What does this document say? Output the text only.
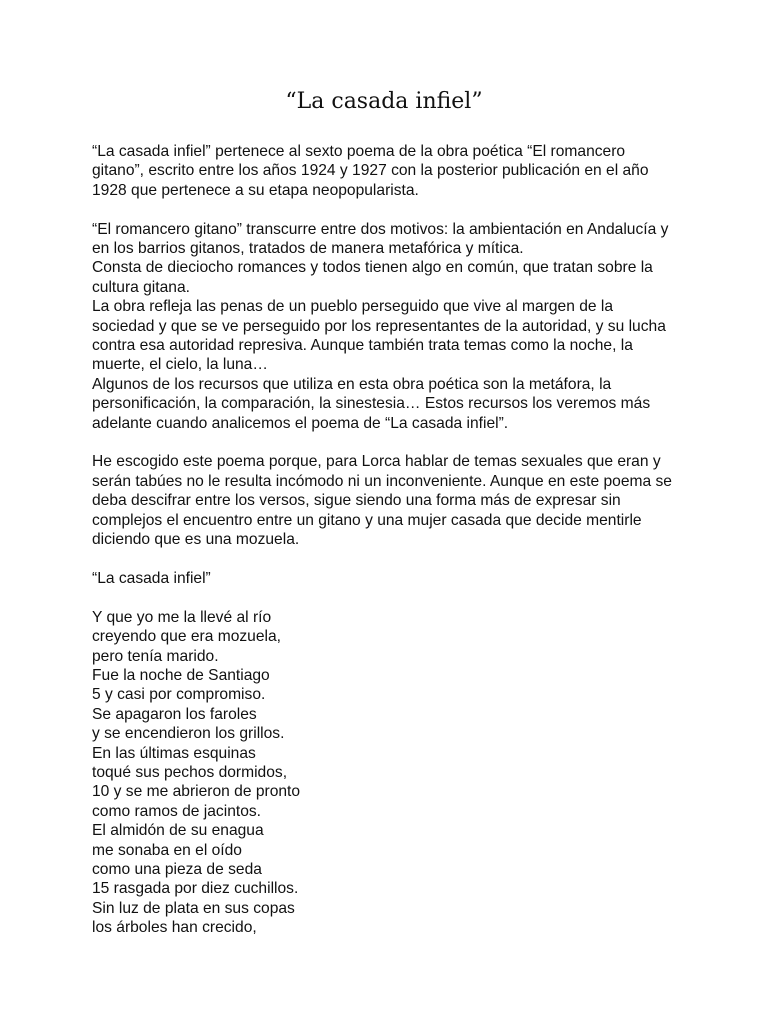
“La casada infiel”
“La casada infiel” pertenece al sexto poema de la obra poética “El romancero
gitano”, escrito entre los años 1924 y 1927 con la posterior publicación en el año
1928 que pertenece a su etapa neopopularista.
“El romancero gitano” transcurre entre dos motivos: la ambientación en Andalucía y
en los barrios gitanos, tratados de manera metafórica y mítica.
Consta de dieciocho romances y todos tienen algo en común, que tratan sobre la
cultura gitana.
La obra refleja las penas de un pueblo perseguido que vive al margen de la
sociedad y que se ve perseguido por los representantes de la autoridad, y su lucha
contra esa autoridad represiva. Aunque también trata temas como la noche, la
muerte, el cielo, la luna…
Algunos de los recursos que utiliza en esta obra poética son la metáfora, la
personificación, la comparación, la sinestesia… Estos recursos los veremos más
adelante cuando analicemos el poema de “La casada infiel”.
He escogido este poema porque, para Lorca hablar de temas sexuales que eran y
serán tabúes no le resulta incómodo ni un inconveniente. Aunque en este poema se
deba descifrar entre los versos, sigue siendo una forma más de expresar sin
complejos el encuentro entre un gitano y una mujer casada que decide mentirle
diciendo que es una mozuela.
“La casada infiel”
Y que yo me la llevé al río
creyendo que era mozuela,
pero tenía marido.
Fue la noche de Santiago
5 y casi por compromiso.
Se apagaron los faroles
y se encendieron los grillos.
En las últimas esquinas
toqué sus pechos dormidos,
10 y se me abrieron de pronto
como ramos de jacintos.
El almidón de su enagua
me sonaba en el oído
como una pieza de seda
15 rasgada por diez cuchillos.
Sin luz de plata en sus copas
los árboles han crecido,
